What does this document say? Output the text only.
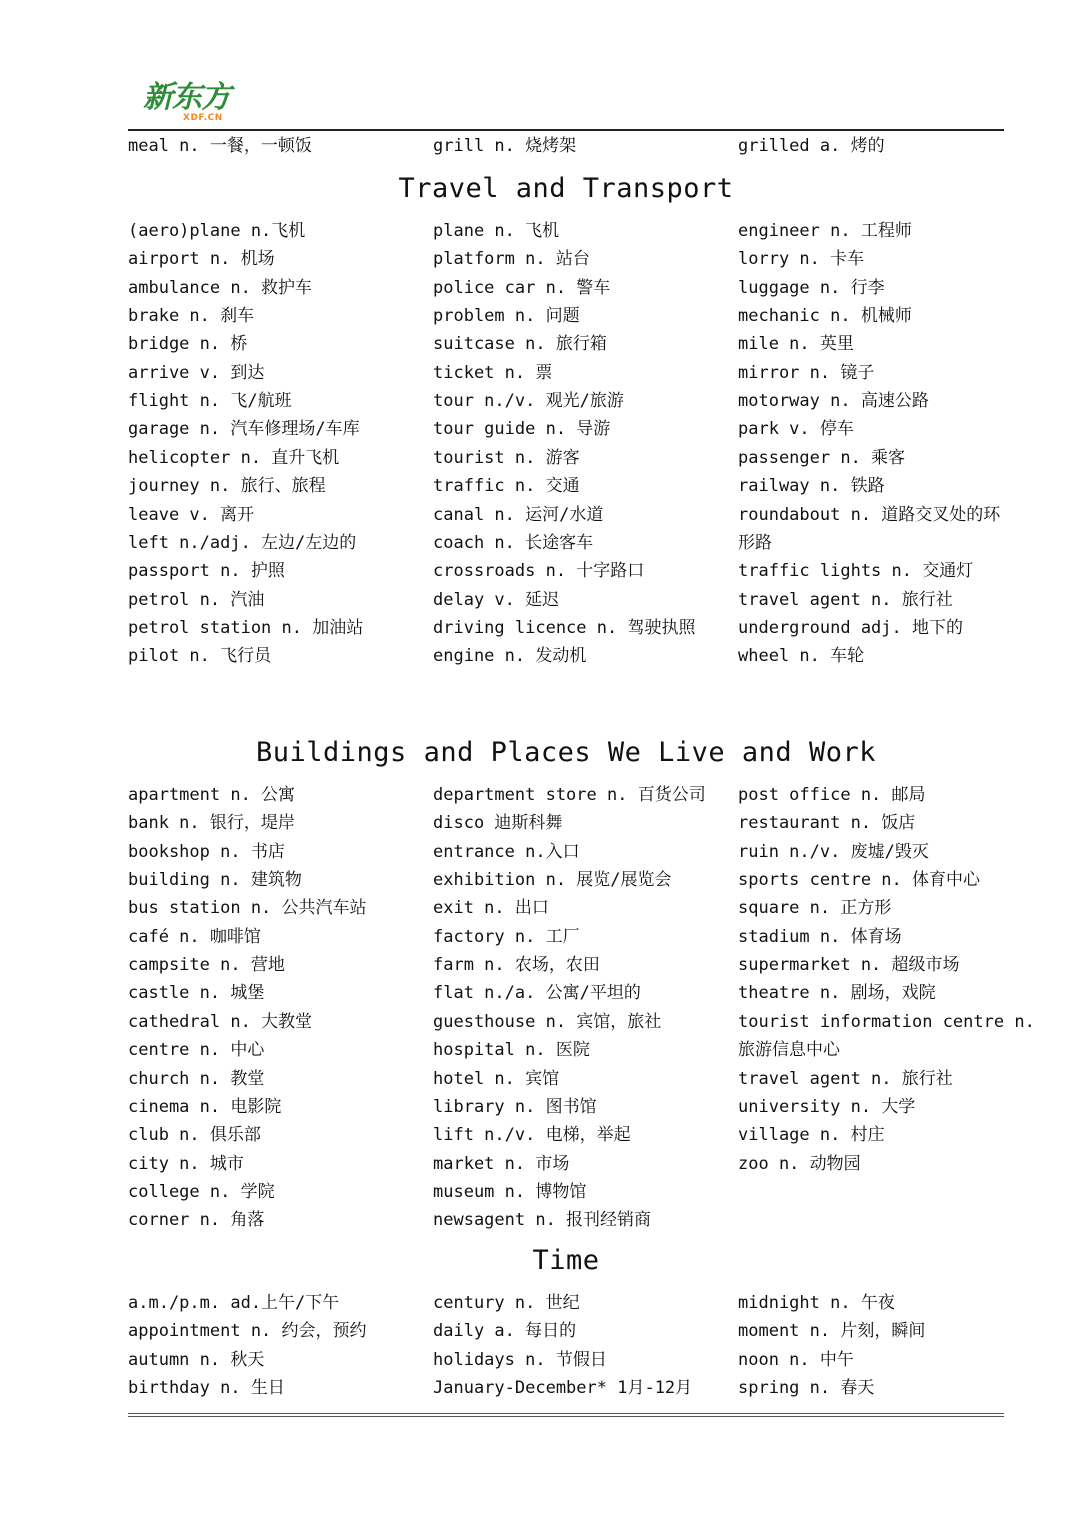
新东方
XDF.CN
meal n. 一餐，一顿饭	grill n. 烧烤架	grilled a. 烤的
Travel and Transport
(aero)plane n.飞机	plane n. 飞机	engineer n. 工程师
airport n. 机场	platform n. 站台	lorry n. 卡车
ambulance n. 救护车	police car n. 警车	luggage n. 行李
brake n. 刹车	problem n. 问题	mechanic n. 机械师
bridge n. 桥	suitcase n. 旅行箱	mile n. 英里
arrive v. 到达	ticket n. 票	mirror n. 镜子
flight n. 飞/航班	tour n./v. 观光/旅游	motorway n. 高速公路
garage n. 汽车修理场/车库	tour guide n. 导游	park v. 停车
helicopter n. 直升飞机	tourist n. 游客	passenger n. 乘客
journey n. 旅行、旅程	traffic n. 交通	railway n. 铁路
leave v. 离开	canal n. 运河/水道	roundabout n. 道路交叉处的环
left n./adj. 左边/左边的	coach n. 长途客车	形路
passport n. 护照	crossroads n. 十字路口	traffic lights n. 交通灯
petrol n. 汽油	delay v. 延迟	travel agent n. 旅行社
petrol station n. 加油站	driving licence n. 驾驶执照	underground adj. 地下的
pilot n. 飞行员	engine n. 发动机	wheel n. 车轮
Buildings and Places We Live and Work
apartment n. 公寓	department store n. 百货公司 post office n. 邮局
bank n. 银行，堤岸	disco 迪斯科舞	restaurant n. 饭店
bookshop n. 书店	entrance n.入口	ruin n./v. 废墟/毁灭
building n. 建筑物	exhibition n. 展览/展览会	sports centre n. 体育中心
bus station n. 公共汽车站	exit n. 出口	square n. 正方形
café n. 咖啡馆	factory n. 工厂	stadium n. 体育场
campsite n. 营地	farm n. 农场，农田	supermarket n. 超级市场
castle n. 城堡	flat n./a. 公寓/平坦的	theatre n. 剧场，戏院
cathedral n. 大教堂	guesthouse n. 宾馆，旅社	tourist information centre n.
centre n. 中心	hospital n. 医院	旅游信息中心
church n. 教堂	hotel n. 宾馆	travel agent n. 旅行社
cinema n. 电影院	library n. 图书馆	university n. 大学
club n. 俱乐部	lift n./v. 电梯，举起	village n. 村庄
city n. 城市	market n. 市场	zoo n. 动物园
college n. 学院	museum n. 博物馆
corner n. 角落	newsagent n. 报刊经销商
Time
a.m./p.m. ad.上午/下午	century n. 世纪	midnight n. 午夜
appointment n. 约会，预约	daily a. 每日的	moment n. 片刻，瞬间
autumn n. 秋天	holidays n. 节假日	noon n. 中午
birthday n. 生日	January-December* 1月-12月	spring n. 春天
